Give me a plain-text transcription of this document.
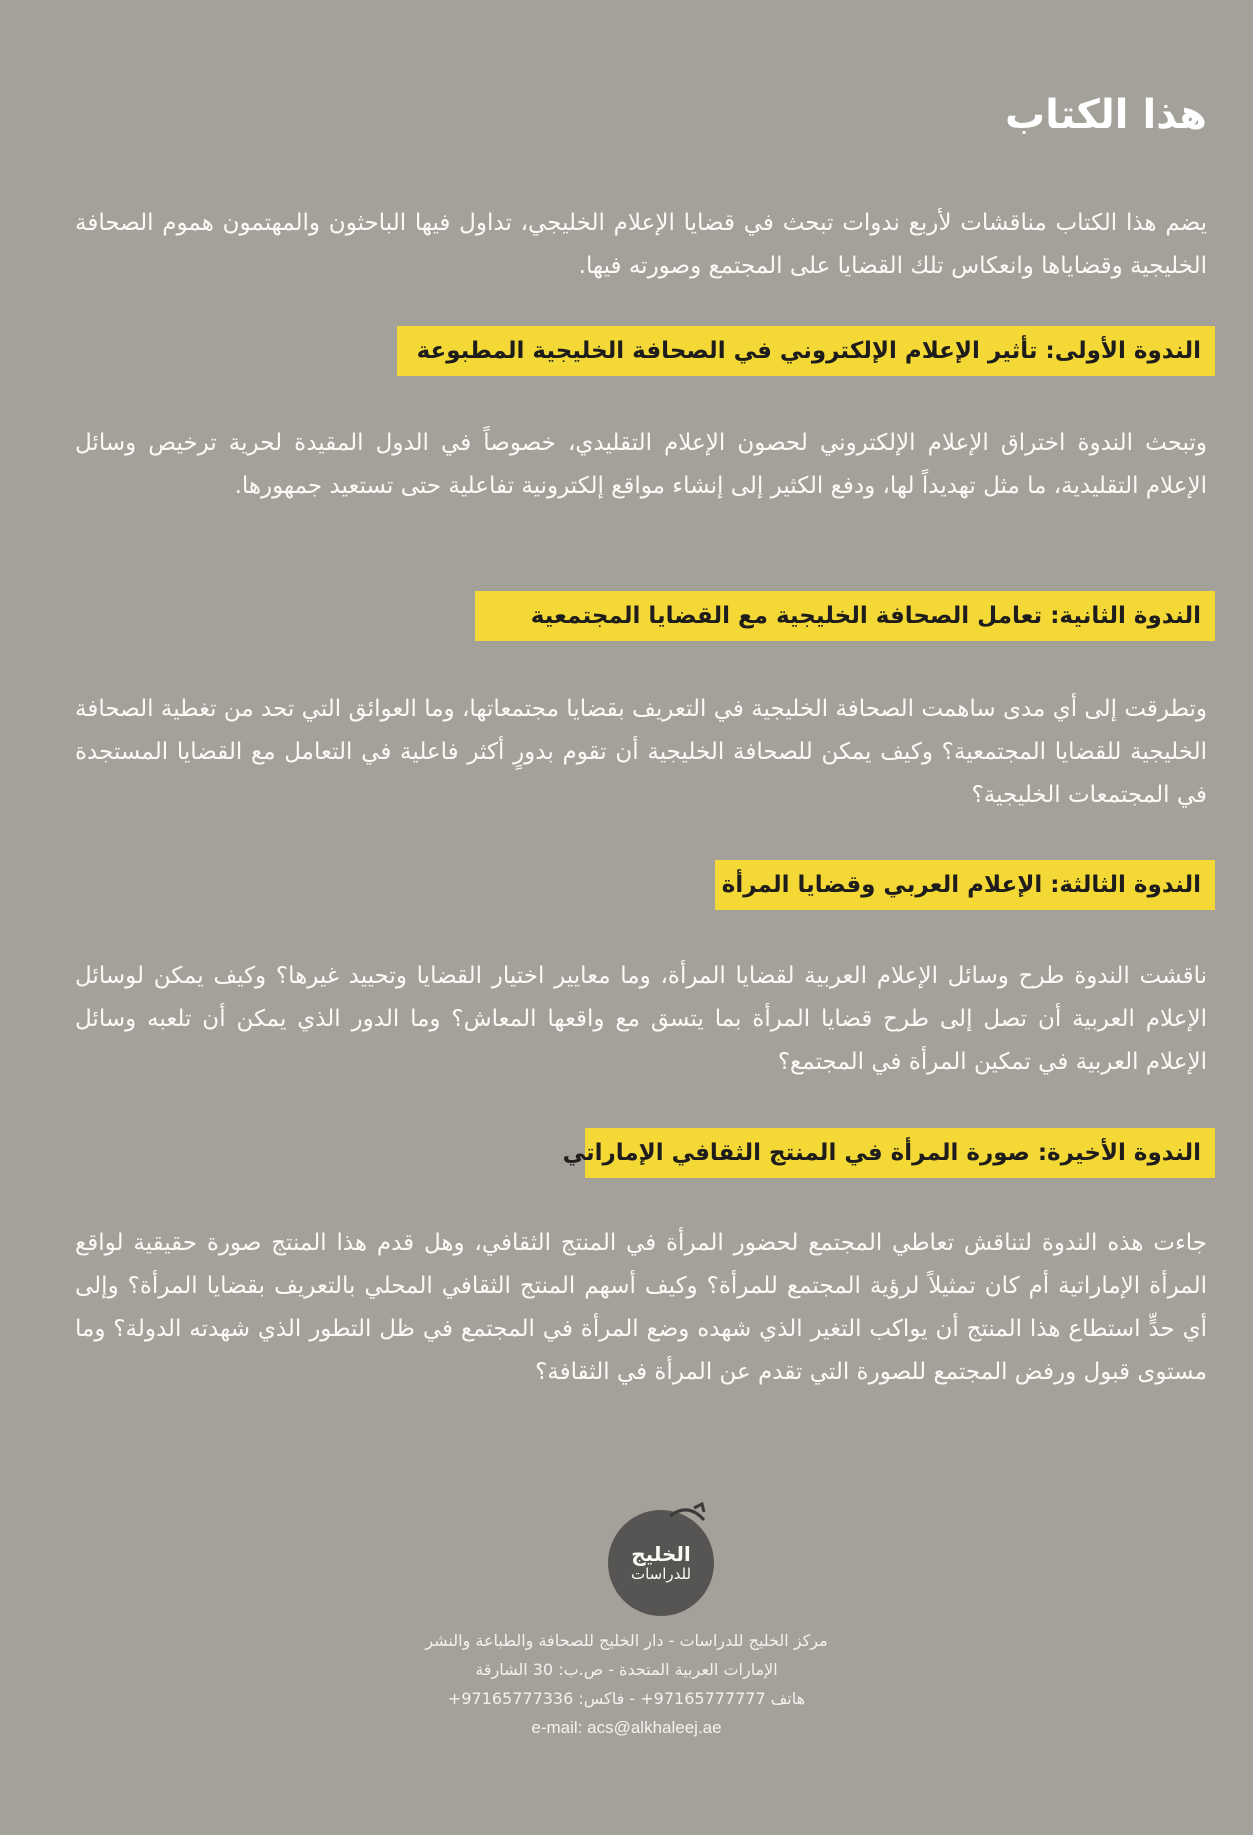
هذا الكتاب

يضم هذا الكتاب مناقشات لأربع ندوات تبحث في قضايا الإعلام الخليجي، تداول فيها الباحثون والمهتمون هموم الصحافة الخليجية وقضاياها وانعكاس تلك القضايا على المجتمع وصورته فيها.

الندوة الأولى: تأثير الإعلام الإلكتروني في الصحافة الخليجية المطبوعة

وتبحث الندوة اختراق الإعلام الإلكتروني لحصون الإعلام التقليدي، خصوصاً في الدول المقيدة لحرية ترخيص وسائل الإعلام التقليدية، ما مثل تهديداً لها، ودفع الكثير إلى إنشاء مواقع إلكترونية تفاعلية حتى تستعيد جمهورها.

الندوة الثانية: تعامل الصحافة الخليجية مع القضايا المجتمعية

وتطرقت إلى أي مدى ساهمت الصحافة الخليجية في التعريف بقضايا مجتمعاتها، وما العوائق التي تحد من تغطية الصحافة الخليجية للقضايا المجتمعية؟ وكيف يمكن للصحافة الخليجية أن تقوم بدورٍ أكثر فاعلية في التعامل مع القضايا المستجدة في المجتمعات الخليجية؟

الندوة الثالثة: الإعلام العربي وقضايا المرأة

ناقشت الندوة طرح وسائل الإعلام العربية لقضايا المرأة، وما معايير اختيار القضايا وتحييد غيرها؟ وكيف يمكن لوسائل الإعلام العربية أن تصل إلى طرح قضايا المرأة بما يتسق مع واقعها المعاش؟ وما الدور الذي يمكن أن تلعبه وسائل الإعلام العربية في تمكين المرأة في المجتمع؟

الندوة الأخيرة: صورة المرأة في المنتج الثقافي الإماراتي

جاءت هذه الندوة لتناقش تعاطي المجتمع لحضور المرأة في المنتج الثقافي، وهل قدم هذا المنتج صورة حقيقية لواقع المرأة الإماراتية أم كان تمثيلاً لرؤية المجتمع للمرأة؟ وكيف أسهم المنتج الثقافي المحلي بالتعريف بقضايا المرأة؟ وإلى أي حدٍّ استطاع هذا المنتج أن يواكب التغير الذي شهده وضع المرأة في المجتمع في ظل التطور الذي شهدته الدولة؟ وما مستوى قبول ورفض المجتمع للصورة التي تقدم عن المرأة في الثقافة؟

الخليج
للدراسات
مركز الخليج للدراسات - دار الخليج للصحافة والطباعة والنشر
الإمارات العربية المتحدة - ص.ب: 30 الشارقة
هاتف 97165777777+ - فاكس: 97165777336+
e-mail: acs@alkhaleej.ae
